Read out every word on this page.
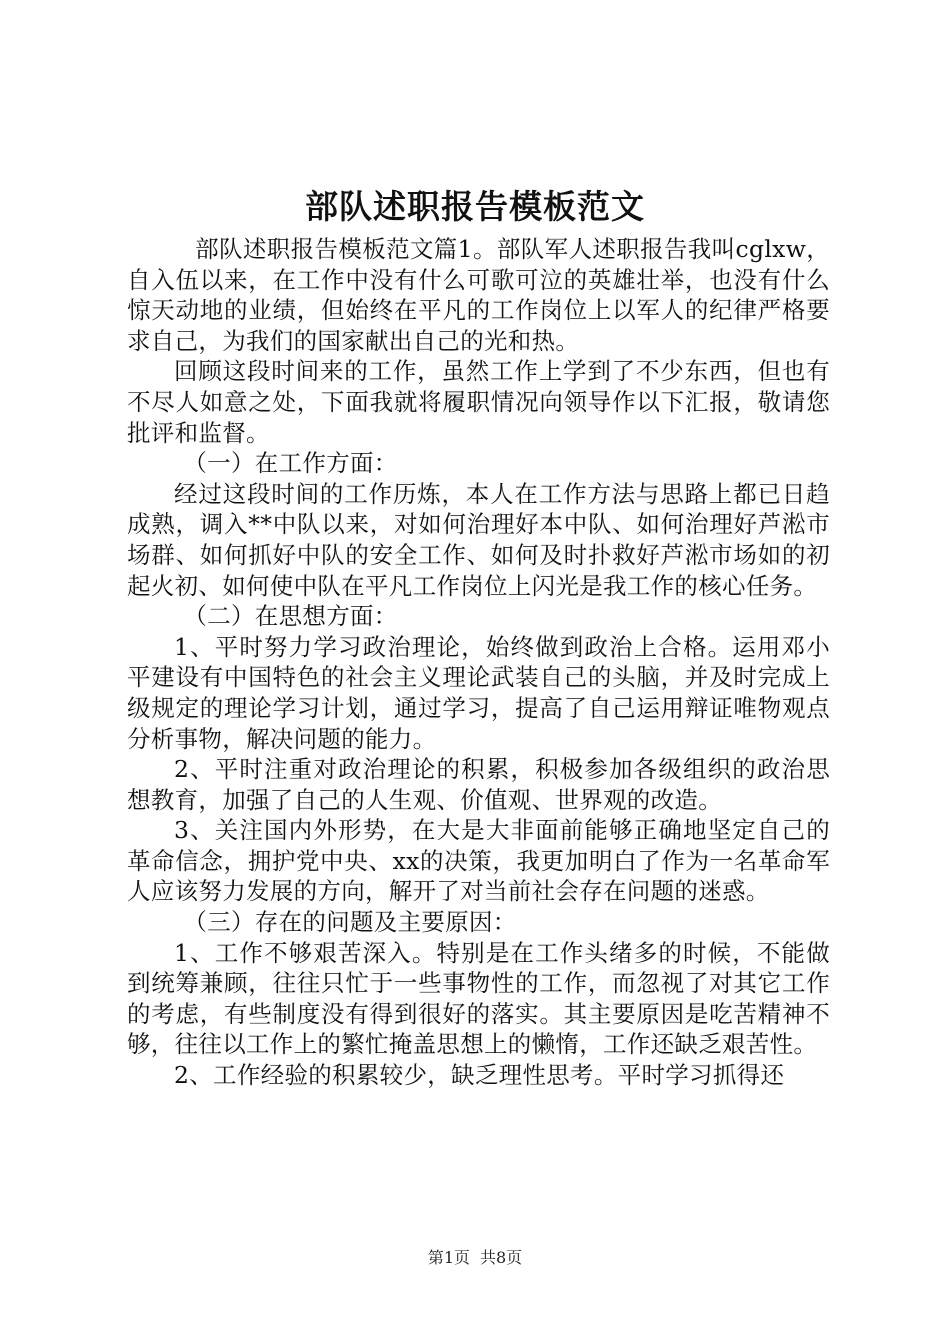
部队述职报告模板范文

部队述职报告模板范文篇1。部队军人述职报告我叫cglxw，自入伍以来，在工作中没有什么可歌可泣的英雄壮举，也没有什么惊天动地的业绩，但始终在平凡的工作岗位上以军人的纪律严格要求自己，为我们的国家献出自己的光和热。

回顾这段时间来的工作，虽然工作上学到了不少东西，但也有不尽人如意之处，下面我就将履职情况向领导作以下汇报，敬请您批评和监督。

（一）在工作方面：

经过这段时间的工作历炼，本人在工作方法与思路上都已日趋成熟，调入**中队以来，对如何治理好本中队、如何治理好芦淞市场群、如何抓好中队的安全工作、如何及时扑救好芦淞市场如的初起火初、如何使中队在平凡工作岗位上闪光是我工作的核心任务。

（二）在思想方面：

1、平时努力学习政治理论，始终做到政治上合格。运用邓小平建设有中国特色的社会主义理论武装自己的头脑，并及时完成上级规定的理论学习计划，通过学习，提高了自己运用辩证唯物观点分析事物，解决问题的能力。

2、平时注重对政治理论的积累，积极参加各级组织的政治思想教育，加强了自己的人生观、价值观、世界观的改造。

3、关注国内外形势，在大是大非面前能够正确地坚定自己的革命信念，拥护党中央、xx的决策，我更加明白了作为一名革命军人应该努力发展的方向，解开了对当前社会存在问题的迷惑。

（三）存在的问题及主要原因：

1、工作不够艰苦深入。特别是在工作头绪多的时候，不能做到统筹兼顾，往往只忙于一些事物性的工作，而忽视了对其它工作的考虑，有些制度没有得到很好的落实。其主要原因是吃苦精神不够，往往以工作上的繁忙掩盖思想上的懒惰，工作还缺乏艰苦性。

2、工作经验的积累较少，缺乏理性思考。平时学习抓得还

第1页 共8页
